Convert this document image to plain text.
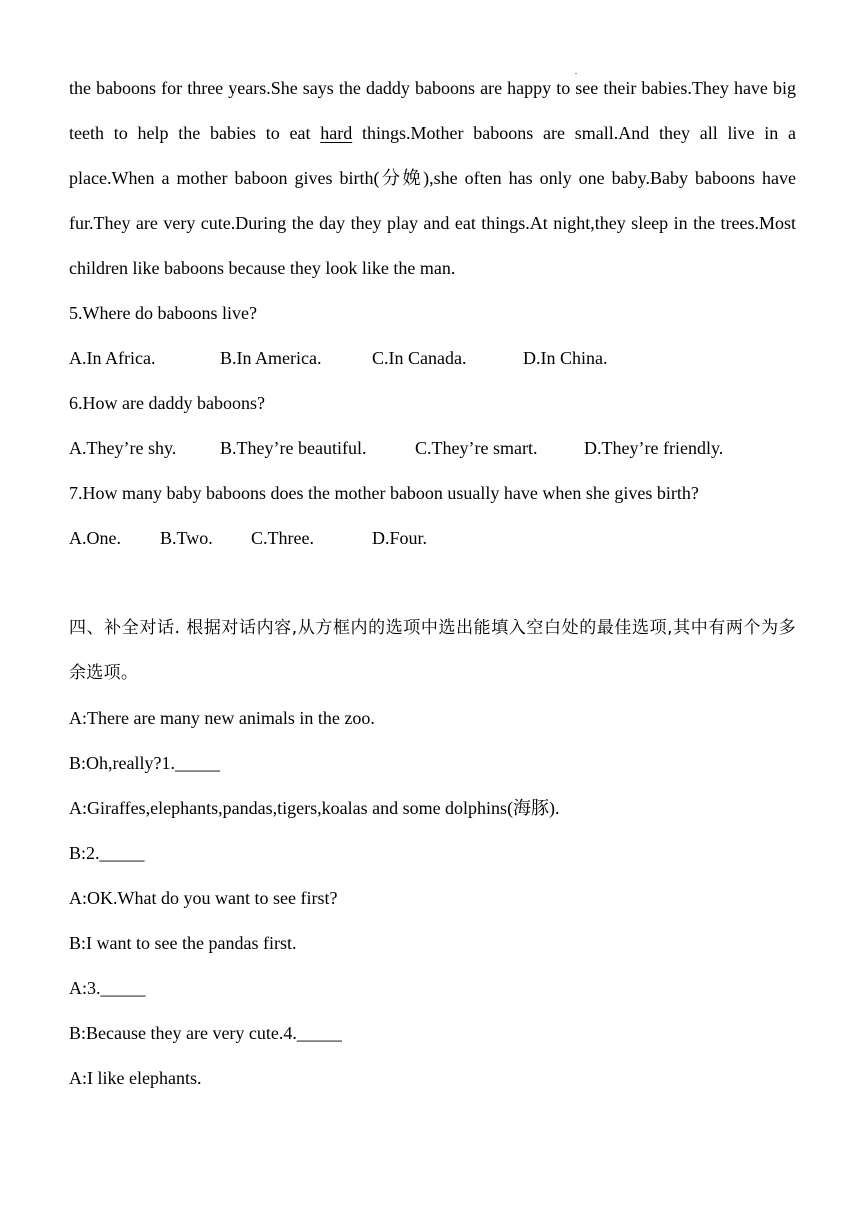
the baboons for three years.She says the daddy baboons are happy to see their babies.They have big teeth to help the babies to eat hard things.Mother baboons are small.And they all live in a place.When a mother baboon gives birth(分娩),she often has only one baby.Baby baboons have fur.They are very cute.During the day they play and eat things.At night,they sleep in the trees.Most children like baboons because they look like the man.

5.Where do baboons live?
A.In Africa.	B.In America.	C.In Canada.	D.In China.
6.How are daddy baboons?
A.They’re shy. B.They’re beautiful.	C.They’re smart.	D.They’re friendly.
7.How many baby baboons does the mother baboon usually have when she gives birth?
A.One. B.Two. C.Three.	D.Four.

四、补全对话. 根据对话内容,从方框内的选项中选出能填入空白处的最佳选项,其中有两个为多余选项。

A:There are many new animals in the zoo.
B:Oh,really?1._____
A:Giraffes,elephants,pandas,tigers,koalas and some dolphins(海豚).
B:2._____
A:OK.What do you want to see first?
B:I want to see the pandas first.
A:3._____
B:Because they are very cute.4._____
A:I like elephants.
